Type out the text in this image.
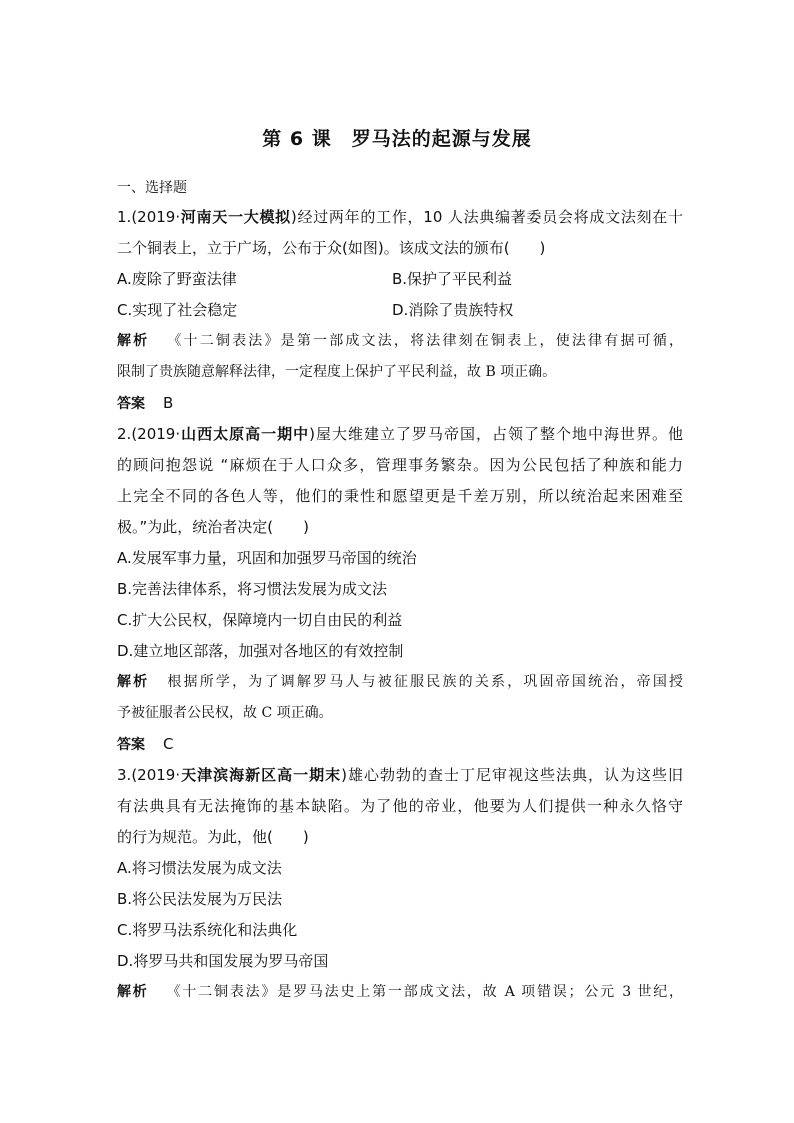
第 6 课　罗马法的起源与发展
一、选择题
1.(2019·河南天一大模拟)经过两年的工作，10 人法典编著委员会将成文法刻在十
二个铜表上，立于广场，公布于众(如图)。该成文法的颁布(　　)
A.废除了野蛮法律	B.保护了平民利益
C.实现了社会稳定	D.消除了贵族特权
解析 《十二铜表法》是第一部成文法，将法律刻在铜表上，使法律有据可循，
限制了贵族随意解释法律，一定程度上保护了平民利益，故 B 项正确。
答案 B
2.(2019·山西太原高一期中)屋大维建立了罗马帝国，占领了整个地中海世界。他
的顾问抱怨说 “麻烦在于人口众多，管理事务繁杂。因为公民包括了种族和能力
上完全不同的各色人等，他们的秉性和愿望更是千差万别，所以统治起来困难至
极。”为此，统治者决定(　　)
A.发展军事力量，巩固和加强罗马帝国的统治
B.完善法律体系，将习惯法发展为成文法
C.扩大公民权，保障境内一切自由民的利益
D.建立地区部落，加强对各地区的有效控制
解析 根据所学，为了调解罗马人与被征服民族的关系，巩固帝国统治，帝国授
予被征服者公民权，故 C 项正确。
答案 C
3.(2019·天津滨海新区高一期末)雄心勃勃的查士丁尼审视这些法典，认为这些旧
有法典具有无法掩饰的基本缺陷。为了他的帝业，他要为人们提供一种永久恪守
的行为规范。为此，他(　　)
A.将习惯法发展为成文法
B.将公民法发展为万民法
C.将罗马法系统化和法典化
D.将罗马共和国发展为罗马帝国
解析 《十二铜表法》是罗马法史上第一部成文法，故 A 项错误；公元 3 世纪，
